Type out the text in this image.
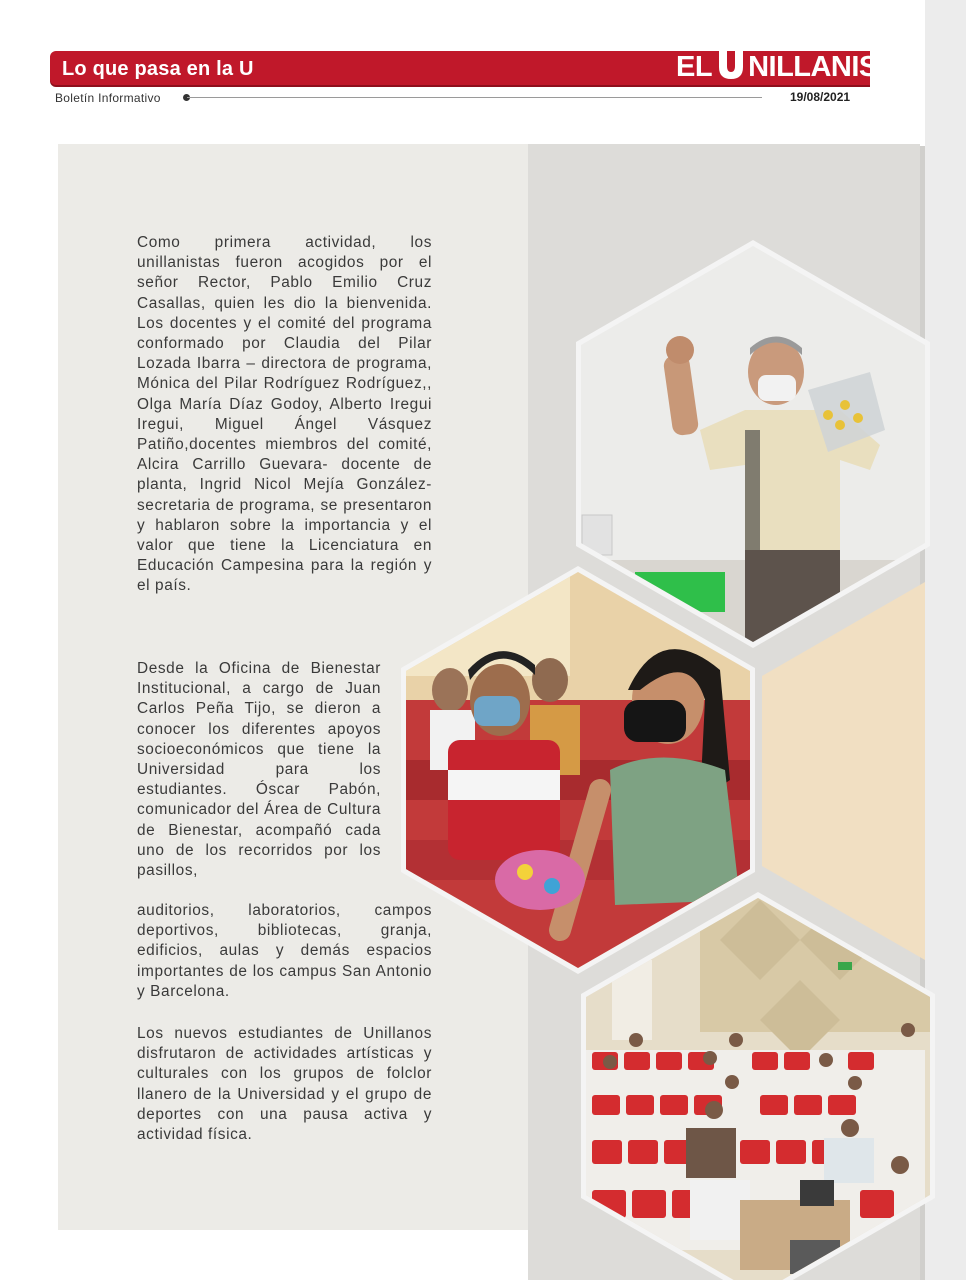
Lo que pasa en la U	EL NILLANISTA
Boletín Informativo	19/08/2021

Como primera actividad, los unillanistas fueron acogidos por el señor Rector, Pablo Emilio Cruz Casallas, quien les dio la bienvenida. Los docentes y el comité del programa conformado por Claudia del Pilar Lozada Ibarra – directora de programa, Mónica del Pilar Rodríguez Rodríguez,, Olga María Díaz Godoy, Alberto Iregui Iregui, Miguel Ángel Vásquez Patiño,docentes miembros del comité, Alcira Carrillo Guevara- docente de planta, Ingrid Nicol Mejía González- secretaria de programa, se presentaron y hablaron sobre la importancia y el valor que tiene la Licenciatura en Educación Campesina para la región y el país.

Desde la Oficina de Bienestar Institucional, a cargo de Juan Carlos Peña Tijo, se dieron a conocer los diferentes apoyos socioeconómicos que tiene la Universidad para los estudiantes. Óscar Pabón, comunicador del Área de Cultura de Bienestar, acompañó cada uno de los recorridos por los pasillos,

auditorios, laboratorios, campos deportivos, bibliotecas, granja, edificios, aulas y demás espacios importantes de los campus San Antonio y Barcelona.

Los nuevos estudiantes de Unillanos disfrutaron de actividades artísticas y culturales con los grupos de folclor llanero de la Universidad y el grupo de deportes con una pausa activa y actividad física.
